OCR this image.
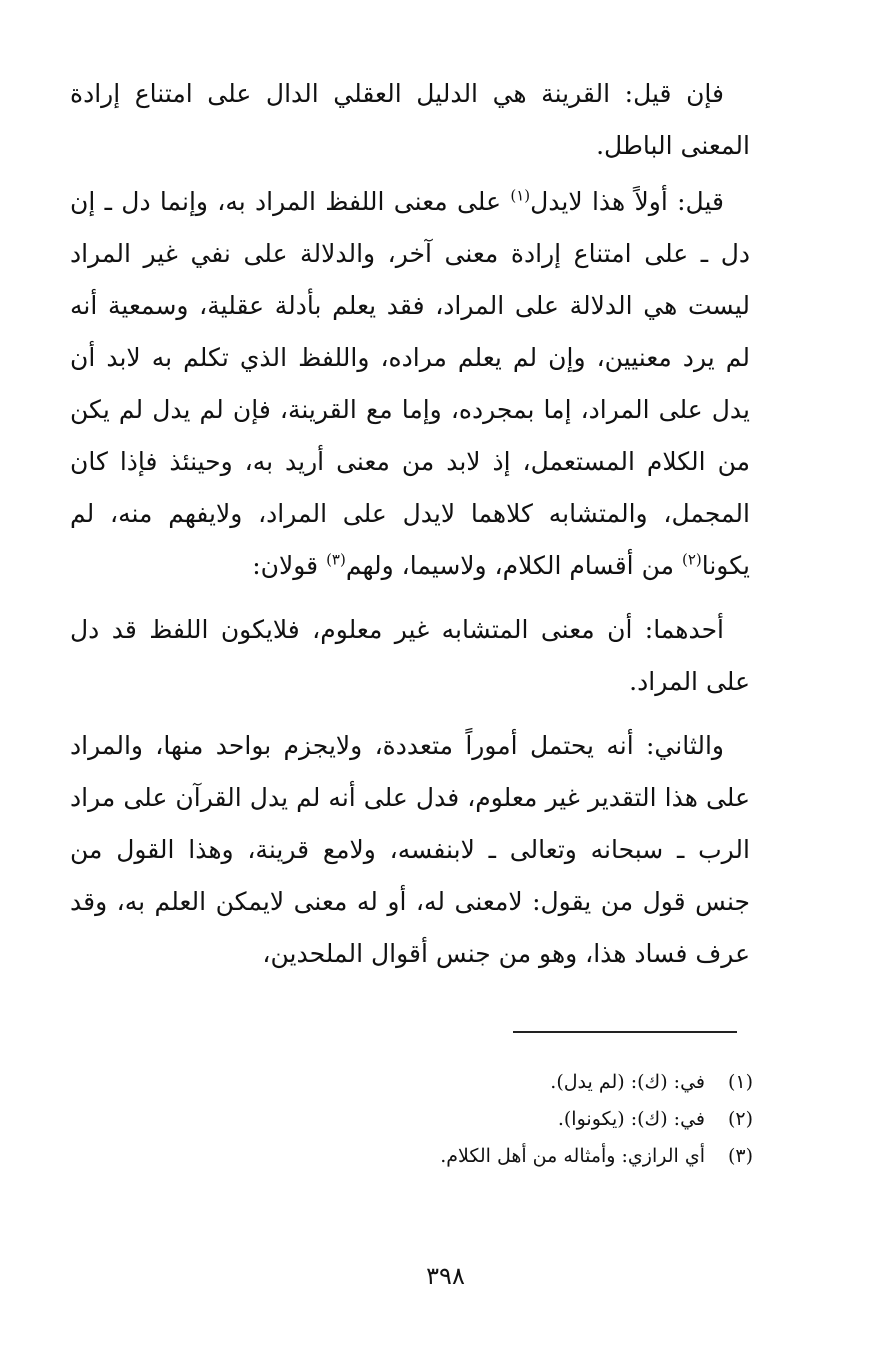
فإن قيل: القرينة هي الدليل العقلي الدال على امتناع إرادة المعنى الباطل.

قيل: أولاً هذا لايدل$^{(١)}$ على معنى اللفظ المراد به، وإنما دل ـ إن دل ـ على امتناع إرادة معنى آخر، والدلالة على نفي غير المراد ليست هي الدلالة على المراد، فقد يعلم بأدلة عقلية، وسمعية أنه لم يرد معنيين، وإن لم يعلم مراده، واللفظ الذي تكلم به لابد أن يدل على المراد، إما بمجرده، وإما مع القرينة، فإن لم يدل لم يكن من الكلام المستعمل، إذ لابد من معنى أريد به، وحينئذ فإذا كان المجمل، والمتشابه كلاهما لايدل على المراد، ولايفهم منه، لم يكونا$^{(٢)}$ من أقسام الكلام، ولاسيما، ولهم$^{(٣)}$ قولان:

أحدهما: أن معنى المتشابه غير معلوم، فلايكون اللفظ قد دل على المراد.

والثاني: أنه يحتمل أموراً متعددة، ولايجزم بواحد منها، والمراد على هذا التقدير غير معلوم، فدل على أنه لم يدل القرآن على مراد الرب ـ سبحانه وتعالى ـ لابنفسه، ولامع قرينة، وهذا القول من جنس قول من يقول: لامعنى له، أو له معنى لايمكن العلم به، وقد عرف فساد هذا، وهو من جنس أقوال الملحدين،

(١)في: (ك): (لم يدل).
(٢)في: (ك): (يكونوا).
(٣)أي الرازي: وأمثاله من أهل الكلام.
٣٩٨
